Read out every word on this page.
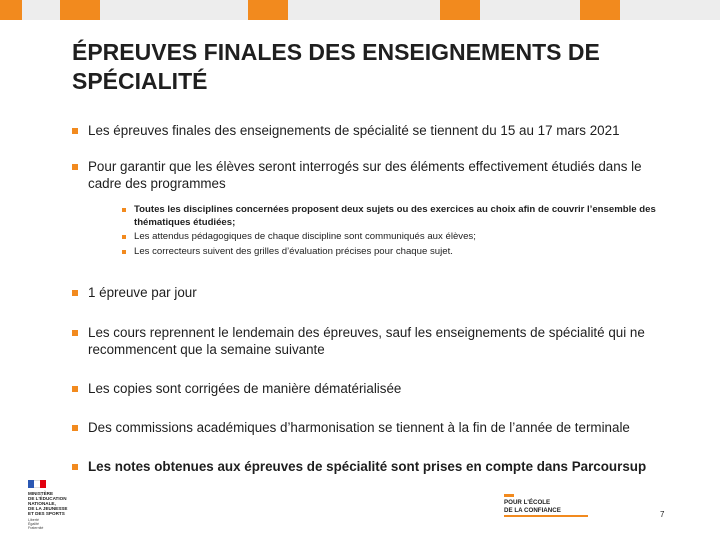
ÉPREUVES FINALES DES ENSEIGNEMENTS DE SPÉCIALITÉ
Les épreuves finales des enseignements de spécialité se tiennent du 15 au 17 mars 2021
Pour garantir que les élèves seront interrogés sur des éléments effectivement étudiés dans le cadre des programmes
Toutes les disciplines concernées proposent deux sujets ou des exercices au choix afin de couvrir l’ensemble des thématiques étudiées;
Les attendus pédagogiques de chaque discipline sont communiqués aux élèves;
Les correcteurs suivent des grilles d’évaluation précises pour chaque sujet.
1 épreuve par jour
Les cours reprennent le lendemain des épreuves, sauf les enseignements de spécialité qui ne recommencent que la semaine suivante
Les copies sont corrigées de manière dématérialisée
Des commissions académiques d’harmonisation se tiennent à la fin de l’année de terminale
Les notes obtenues aux épreuves de spécialité sont prises en compte dans Parcoursup
MINISTÈRE
DE L'ÉDUCATION
NATIONALE,
DE LA JEUNESSE
ET DES SPORTS
Liberté
Égalité
Fraternité
POUR L'ÉCOLE
DE LA CONFIANCE	7
